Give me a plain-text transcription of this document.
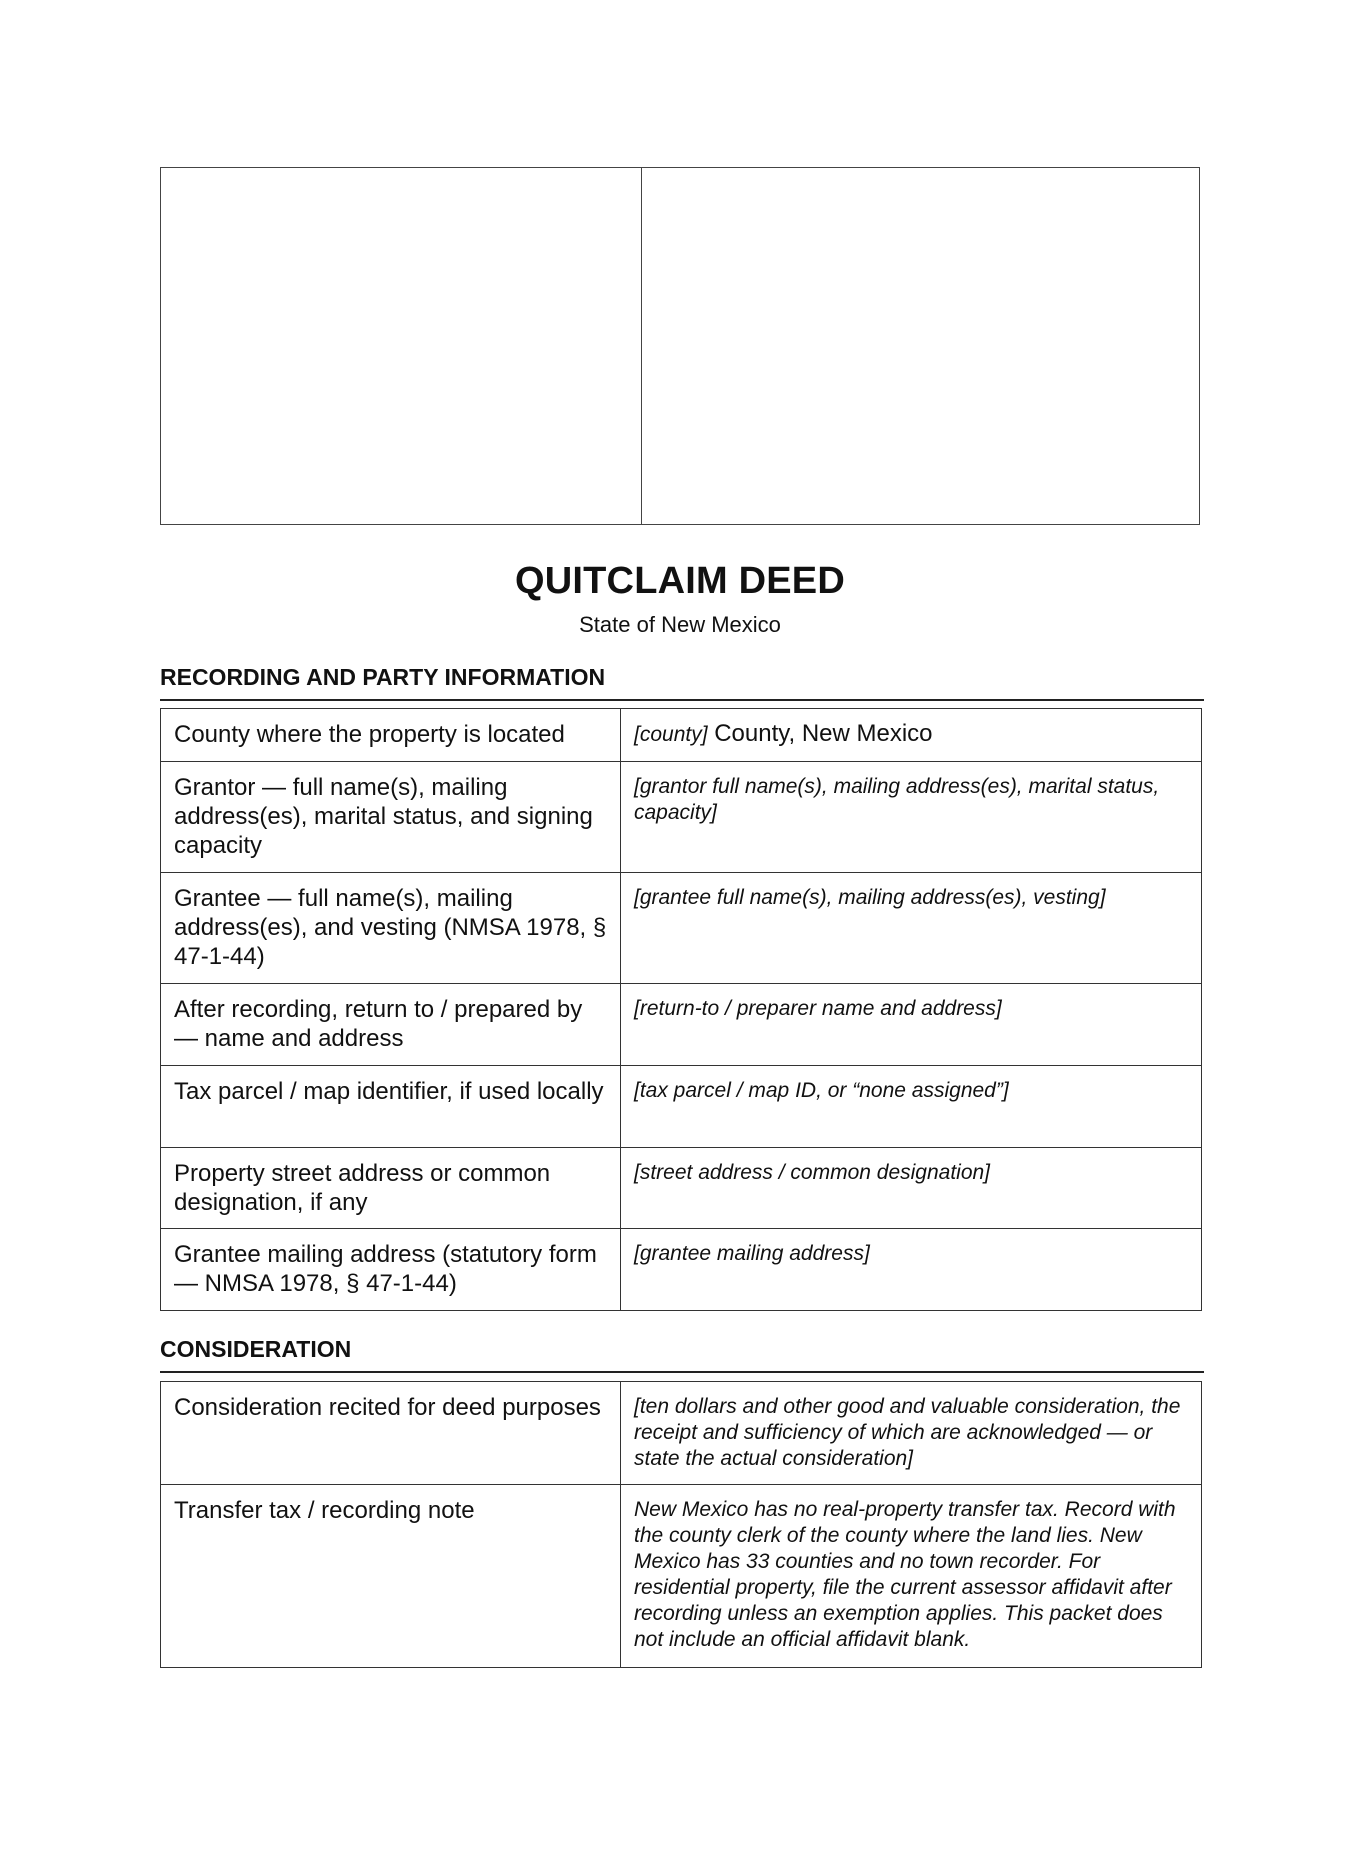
QUITCLAIM DEED

State of New Mexico

RECORDING AND PARTY INFORMATION
County where the property is located	[county] County, New Mexico
Grantor — full name(s), mailing address(es), marital status, and signing capacity	[grantor full name(s), mailing address(es), marital status, capacity]
Grantee — full name(s), mailing address(es), and vesting (NMSA 1978, § 47-1-44)	[grantee full name(s), mailing address(es), vesting]
After recording, return to / prepared by — name and address	[return-to / preparer name and address]
Tax parcel / map identifier, if used locally	[tax parcel / map ID, or “none assigned”]
Property street address or common designation, if any	[street address / common designation]
Grantee mailing address (statutory form — NMSA 1978, § 47-1-44)	[grantee mailing address]
CONSIDERATION
Consideration recited for deed purposes	[ten dollars and other good and valuable consideration, the receipt and sufficiency of which are acknowledged — or state the actual consideration]
Transfer tax / recording note	New Mexico has no real-property transfer tax. Record with the county clerk of the county where the land lies. New Mexico has 33 counties and no town recorder. For residential property, file the current assessor affidavit after recording unless an exemption applies. This packet does not include an official affidavit blank.
